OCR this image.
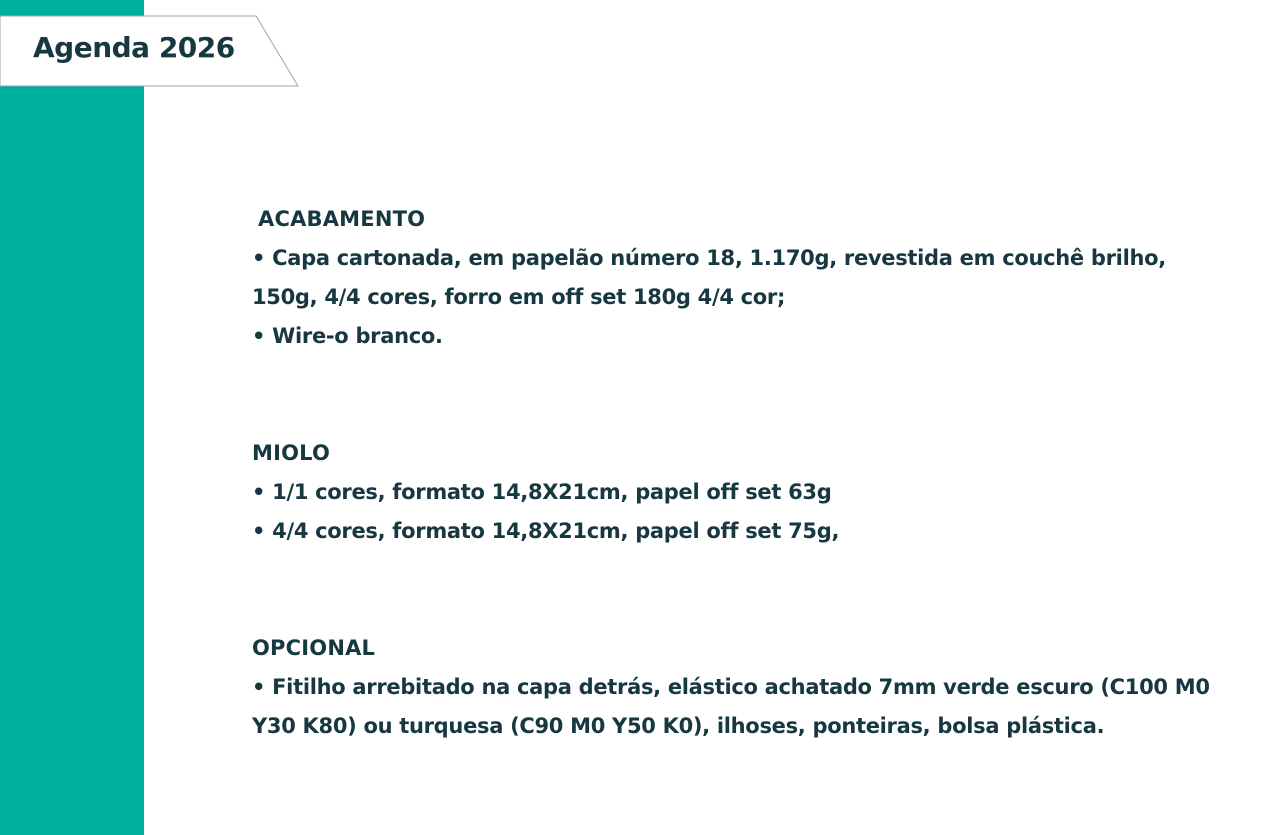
Agenda 2026
ACABAMENTO
• Capa cartonada, em papelão número 18, 1.170g, revestida em couchê brilho, 150g, 4/4 cores, forro em off set 180g 4/4 cor;
• Wire-o branco.
MIOLO
• 1/1 cores, formato 14,8X21cm, papel off set 63g
• 4/4 cores, formato 14,8X21cm, papel off set 75g,
OPCIONAL
• Fitilho arrebitado na capa detrás, elástico achatado 7mm verde escuro (C100 M0 Y30 K80) ou turquesa (C90 M0 Y50 K0), ilhoses, ponteiras, bolsa plástica.
